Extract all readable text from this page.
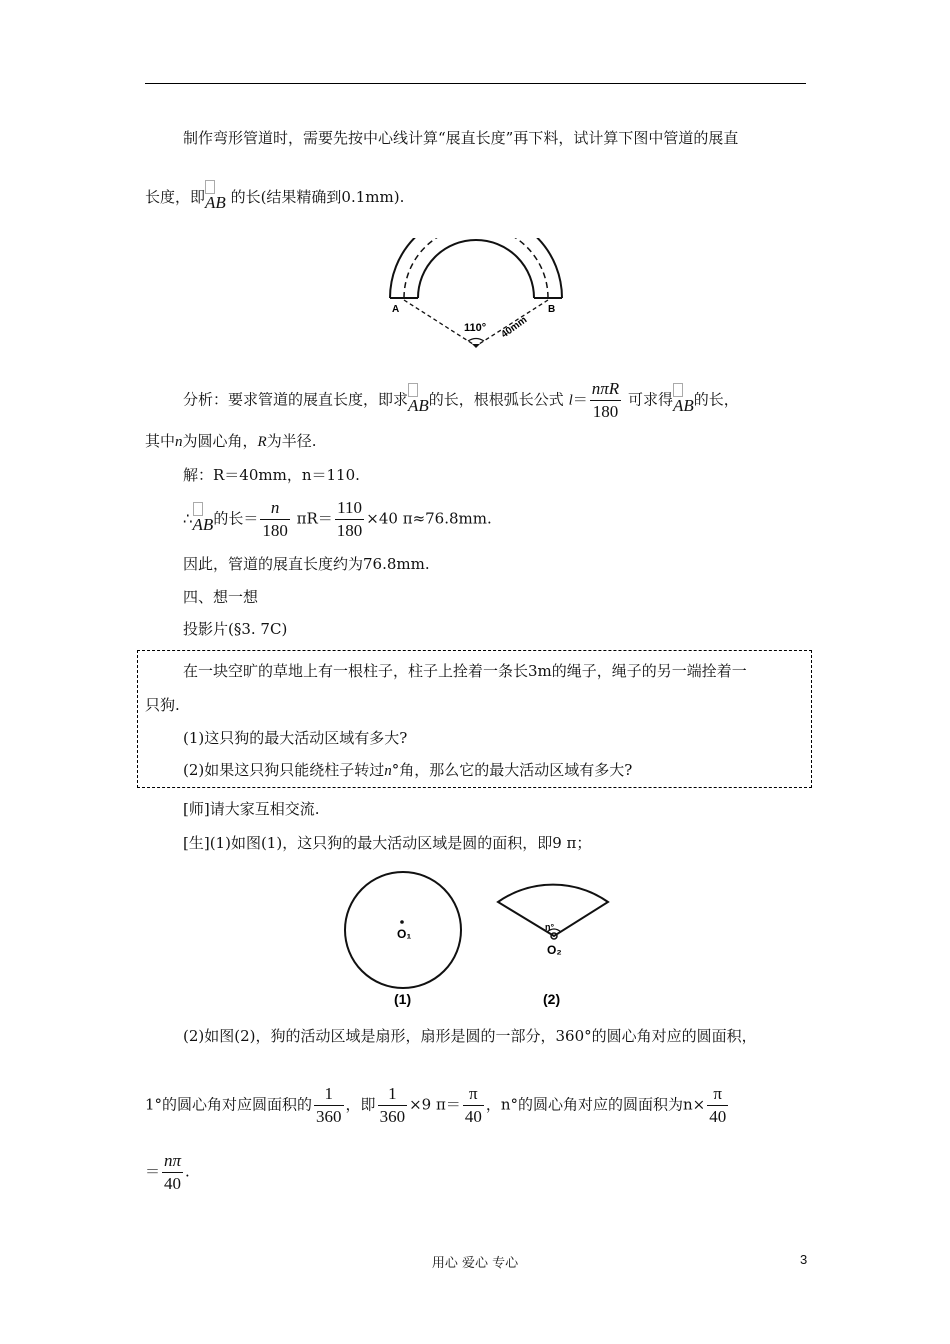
制作弯形管道时，需要先按中心线计算“展直长度”再下料，试计算下图中管道的展直
长度，即
AB 的长(结果精确到0.1mm).
A	B
110° 40mm
分析：要求管道的展直长度，即求
AB的长，根根弧长公式 $l= \frac{\text{nπR}}{180}$ 可求得
AB的长，
其中n为圆心角，R为半径.
解：R＝40mm，n＝110.
∴
AB的长＝ $\frac{n}{180} \pi R= \frac{110}{180} \times 40$ π≈76.8mm.
因此，管道的展直长度约为76.8mm.
四、想一想
投影片(§3. 7C)
在一块空旷的草地上有一根柱子，柱子上拴着一条长3m的绳子，绳子的另一端拴着一
只狗.
(1)这只狗的最大活动区域有多大?
(2)如果这只狗只能绕柱子转过n°角，那么它的最大活动区域有多大?
[师]请大家互相交流.
[生](1)如图(1)，这只狗的最大活动区域是圆的面积，即9 π；
O₁
(1)
n°
O₂
(2)
(2)如图(2)，狗的活动区域是扇形，扇形是圆的一部分，360°的圆心角对应的圆面积，
1°的圆心角对应圆面积的 $\frac{1}{360}$ ，即 $\frac{1}{360} \times 9$ $\pi= \frac{\pi}{40}$ ，n°的圆心角对应的圆面积为$n\times \frac{\pi}{40}$
＝ $\frac{n\pi}{40}$ .
用心 爱心 专心	3
